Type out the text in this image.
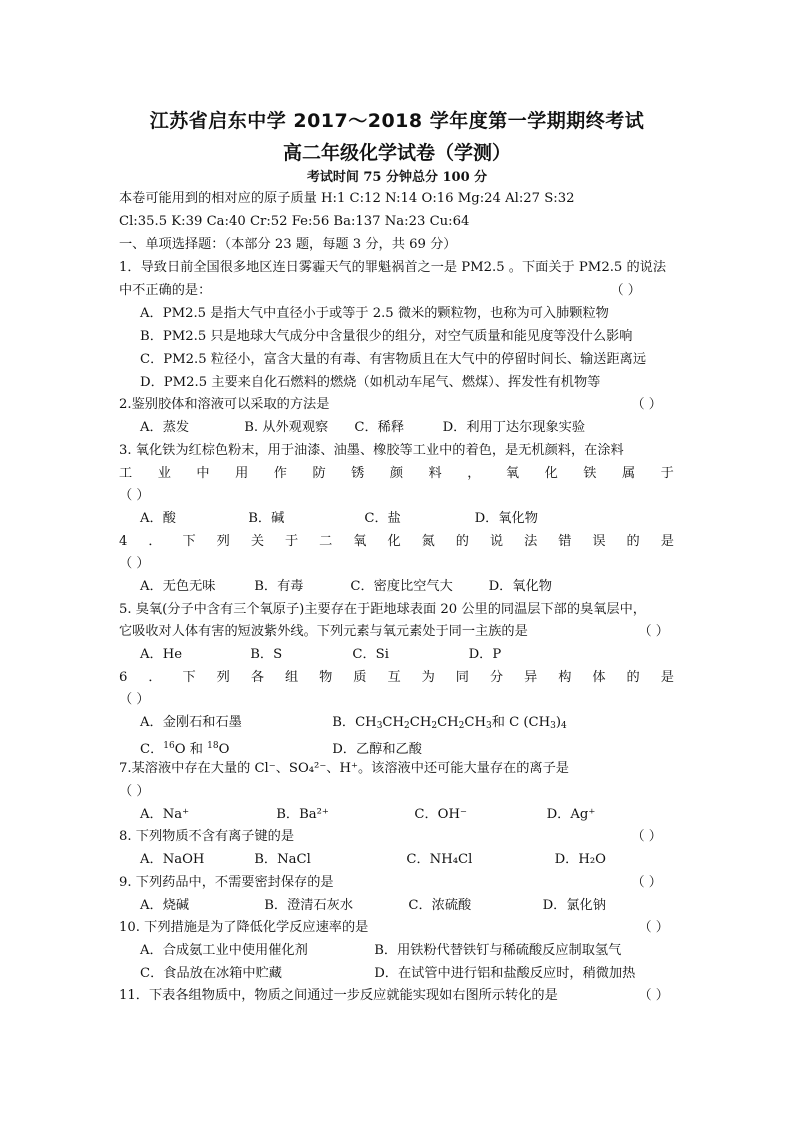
江苏省启东中学 2017～2018 学年度第一学期期终考试
高二年级化学试卷（学测）
考试时间 75 分钟总分 100 分
本卷可能用到的相对应的原子质量 H:1 C:12 N:14 O:16 Mg:24 Al:27 S:32
Cl:35.5 K:39 Ca:40 Cr:52 Fe:56 Ba:137 Na:23 Cu:64
一、单项选择题：（本部分 23 题，每题 3 分，共 69 分）
1．导致日前全国很多地区连日雾霾天气的罪魁祸首之一是 PM2.5 。下面关于 PM2.5 的说法
中不正确的是：	（ ）
A．PM2.5 是指大气中直径小于或等于 2.5 微米的颗粒物，也称为可入肺颗粒物
B．PM2.5 只是地球大气成分中含量很少的组分，对空气质量和能见度等没什么影响
C．PM2.5 粒径小，富含大量的有毒、有害物质且在大气中的停留时间长、输送距离远
D．PM2.5 主要来自化石燃料的燃烧（如机动车尾气、燃煤）、挥发性有机物等
2.鉴别胶体和溶液可以采取的方法是	（ ）
A．蒸发	B. 从外观观察 C．稀释	D．利用丁达尔现象实验
3. 氧化铁为红棕色粉末，用于油漆、油墨、橡胶等工业中的着色，是无机颜料，在涂料
工 业 中 用 作 防 锈 颜 料 ， 氧 化 铁 属 于
（ ）
A．酸	B．碱	C．盐	D．氧化物
4 ． 下 列 关 于 二 氧 化 氮 的 说 法 错 误 的 是
（ ）
A．无色无味	B．有毒	C．密度比空气大	D．氧化物
5. 臭氧(分子中含有三个氧原子)主要存在于距地球表面 20 公里的同温层下部的臭氧层中，
它吸收对人体有害的短波紫外线。下列元素与氧元素处于同一主族的是	（ ）
A．He	B．S	C．Si	D．P
6 ． 下 列 各 组 物 质 互 为 同 分 异 构 体 的 是
（ ）
A．金刚石和石墨	B．$CH_3CH_2CH_2CH_2CH_3$和 C $(CH_3)_4$
C．$^{16}$O 和 $^{18}$O	D．乙醇和乙酸
7.某溶液中存在大量的 Cl⁻、SO₄²⁻、H⁺。该溶液中还可能大量存在的离子是
（ ）
A．Na⁺	B．Ba²⁺	C．OH⁻	D．Ag⁺
8. 下列物质不含有离子键的是	（ ）
A．NaOH	B．NaCl	C．NH₄Cl	D．H₂O
9. 下列药品中，不需要密封保存的是	（ ）
A．烧碱	B．澄清石灰水	C．浓硫酸	D．氯化钠
10. 下列措施是为了降低化学反应速率的是	（ ）
A．合成氨工业中使用催化剂	B．用铁粉代替铁钉与稀硫酸反应制取氢气
C．食品放在冰箱中贮藏	D．在试管中进行铝和盐酸反应时，稍微加热
11．下表各组物质中，物质之间通过一步反应就能实现如右图所示转化的是	（ ）
